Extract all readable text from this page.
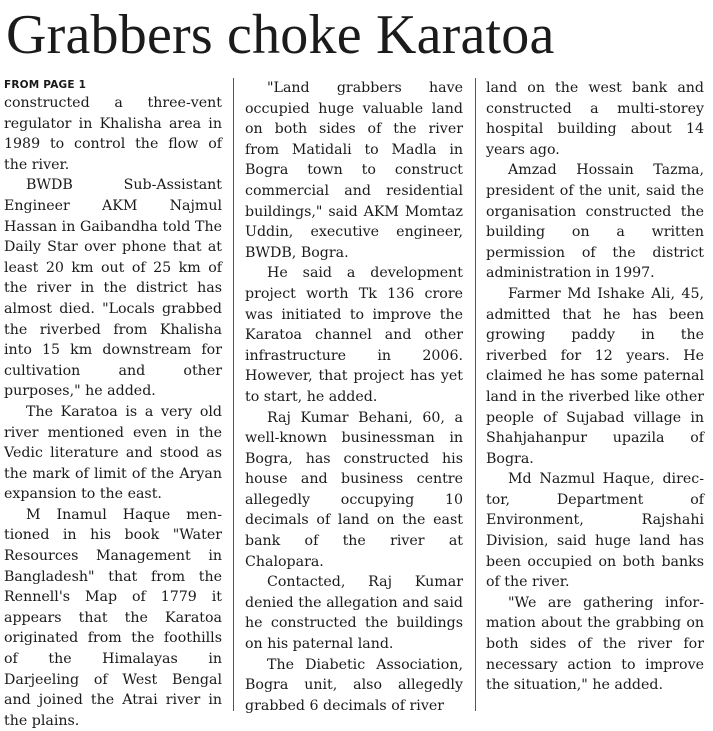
Grabbers choke Karatoa
FROM PAGE 1

constructed a three-vent regulator in Khalisha area in 1989 to control the flow of the river.

BWDB Sub-Assistant Engineer AKM Najmul Hassan in Gaibandha told The Daily Star over phone that at least 20 km out of 25 km of the river in the district has almost died. "Locals grabbed the riverbed from Khalisha into 15 km downstream for cultivation and other purposes," he added.

The Karatoa is a very old river mentioned even in the Vedic literature and stood as the mark of limit of the Aryan expansion to the east.

M Inamul Haque mentioned in his book "Water Resources Management in Bangladesh" that from the Rennell's Map of 1779 it appears that the Karatoa originated from the foothills of the Himalayas in Darjeeling of West Bengal and joined the Atrai river in the plains.

"Land grabbers have occupied huge valuable land on both sides of the river from Matidali to Madla in Bogra town to construct commercial and residential buildings," said AKM Momtaz Uddin, executive engineer, BWDB, Bogra.

He said a development project worth Tk 136 crore was initiated to improve the Karatoa channel and other infrastructure in 2006. However, that project has yet to start, he added.

Raj Kumar Behani, 60, a well-known businessman in Bogra, has constructed his house and business centre allegedly occupying 10 decimals of land on the east bank of the river at Chalopara.

Contacted, Raj Kumar denied the allegation and said he constructed the buildings on his paternal land.

The Diabetic Association, Bogra unit, also allegedly grabbed 6 decimals of river

land on the west bank and constructed a multi-storey hospital building about 14 years ago.

Amzad Hossain Tazma, president of the unit, said the organisation constructed the building on a written permission of the district administration in 1997.

Farmer Md Ishake Ali, 45, admitted that he has been growing paddy in the riverbed for 12 years. He claimed he has some paternal land in the riverbed like other people of Sujabad village in Shahjahanpur upazila of Bogra.

Md Nazmul Haque, director, Department of Environment, Rajshahi Division, said huge land has been occupied on both banks of the river.

"We are gathering information about the grabbing on both sides of the river for necessary action to improve the situation," he added.
